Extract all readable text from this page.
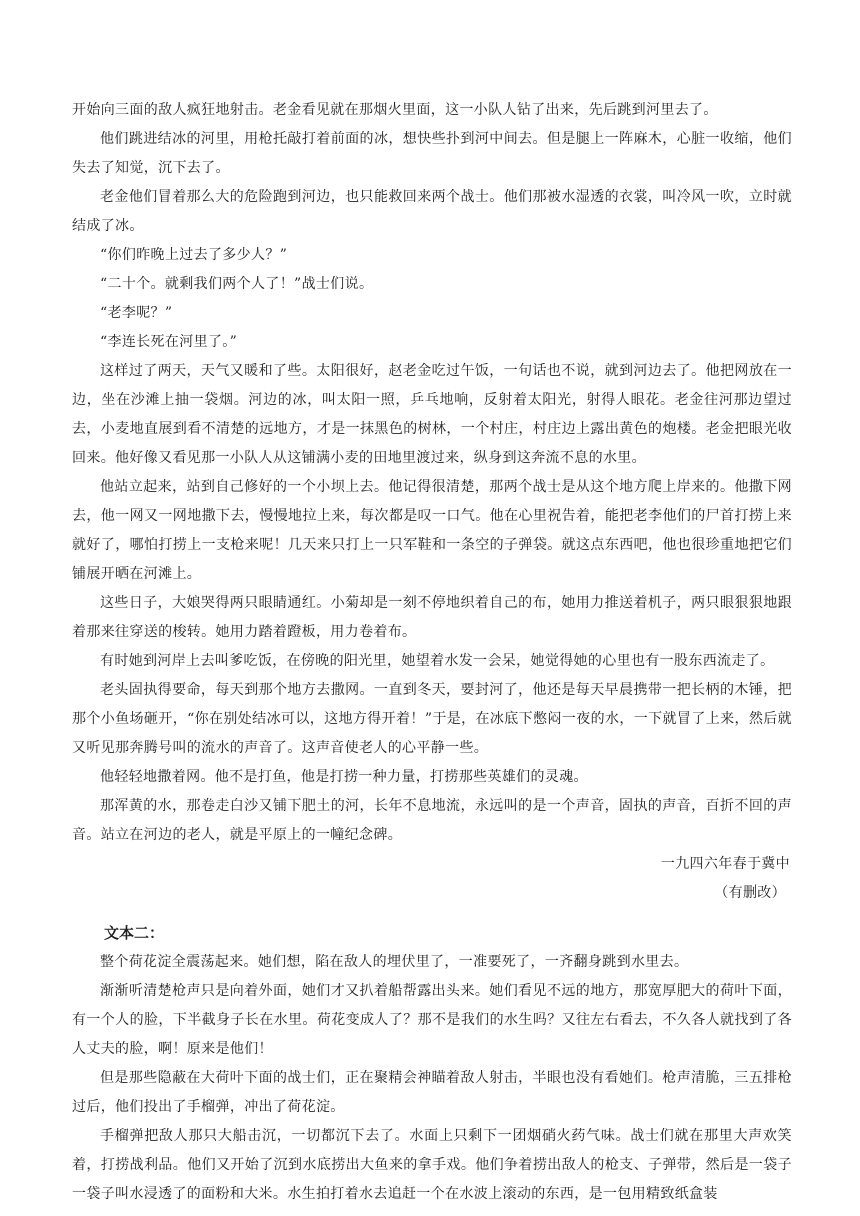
开始向三面的敌人疯狂地射击。老金看见就在那烟火里面，这一小队人钻了出来，先后跳到河里去了。

他们跳进结冰的河里，用枪托敲打着前面的冰，想快些扑到河中间去。但是腿上一阵麻木，心脏一收缩，他们失去了知觉，沉下去了。

老金他们冒着那么大的危险跑到河边，也只能救回来两个战士。他们那被水湿透的衣裳，叫冷风一吹，立时就结成了冰。

“你们昨晚上过去了多少人？”

“二十个。就剩我们两个人了！”战士们说。

“老李呢？”

“李连长死在河里了。”

这样过了两天，天气又暖和了些。太阳很好，赵老金吃过午饭，一句话也不说，就到河边去了。他把网放在一边，坐在沙滩上抽一袋烟。河边的冰，叫太阳一照，乒乓地响，反射着太阳光，射得人眼花。老金往河那边望过去，小麦地直展到看不清楚的远地方，才是一抹黑色的树林，一个村庄，村庄边上露出黄色的炮楼。老金把眼光收回来。他好像又看见那一小队人从这铺满小麦的田地里渡过来，纵身到这奔流不息的水里。

他站立起来，站到自己修好的一个小坝上去。他记得很清楚，那两个战士是从这个地方爬上岸来的。他撒下网去，他一网又一网地撒下去，慢慢地拉上来，每次都是叹一口气。他在心里祝告着，能把老李他们的尸首打捞上来就好了，哪怕打捞上一支枪来呢！几天来只打上一只军鞋和一条空的子弹袋。就这点东西吧，他也很珍重地把它们铺展开晒在河滩上。

这些日子，大娘哭得两只眼睛通红。小菊却是一刻不停地织着自己的布，她用力推送着机子，两只眼狠狠地跟着那来往穿送的梭转。她用力踏着蹬板，用力卷着布。

有时她到河岸上去叫爹吃饭，在傍晚的阳光里，她望着水发一会呆，她觉得她的心里也有一股东西流走了。

老头固执得要命，每天到那个地方去撒网。一直到冬天，要封河了，他还是每天早晨携带一把长柄的木锤，把那个小鱼场砸开，“你在别处结冰可以，这地方得开着！”于是，在冰底下憋闷一夜的水，一下就冒了上来，然后就又听见那奔腾号叫的流水的声音了。这声音使老人的心平静一些。

他轻轻地撒着网。他不是打鱼，他是打捞一种力量，打捞那些英雄们的灵魂。

那浑黄的水，那卷走白沙又铺下肥土的河，长年不息地流，永远叫的是一个声音，固执的声音，百折不回的声音。站立在河边的老人，就是平原上的一幢纪念碑。

一九四六年春于冀中

（有删改）

文本二：

整个荷花淀全震荡起来。她们想，陷在敌人的埋伏里了，一准要死了，一齐翻身跳到水里去。

渐渐听清楚枪声只是向着外面，她们才又扒着船帮露出头来。她们看见不远的地方，那宽厚肥大的荷叶下面，有一个人的脸，下半截身子长在水里。荷花变成人了？那不是我们的水生吗？又往左右看去，不久各人就找到了各人丈夫的脸，啊！原来是他们！

但是那些隐蔽在大荷叶下面的战士们，正在聚精会神瞄着敌人射击，半眼也没有看她们。枪声清脆，三五排枪过后，他们投出了手榴弹，冲出了荷花淀。

手榴弹把敌人那只大船击沉，一切都沉下去了。水面上只剩下一团烟硝火药气味。战士们就在那里大声欢笑着，打捞战利品。他们又开始了沉到水底捞出大鱼来的拿手戏。他们争着捞出敌人的枪支、子弹带，然后是一袋子一袋子叫水浸透了的面粉和大米。水生拍打着水去追赶一个在水波上滚动的东西，是一包用精致纸盒装
